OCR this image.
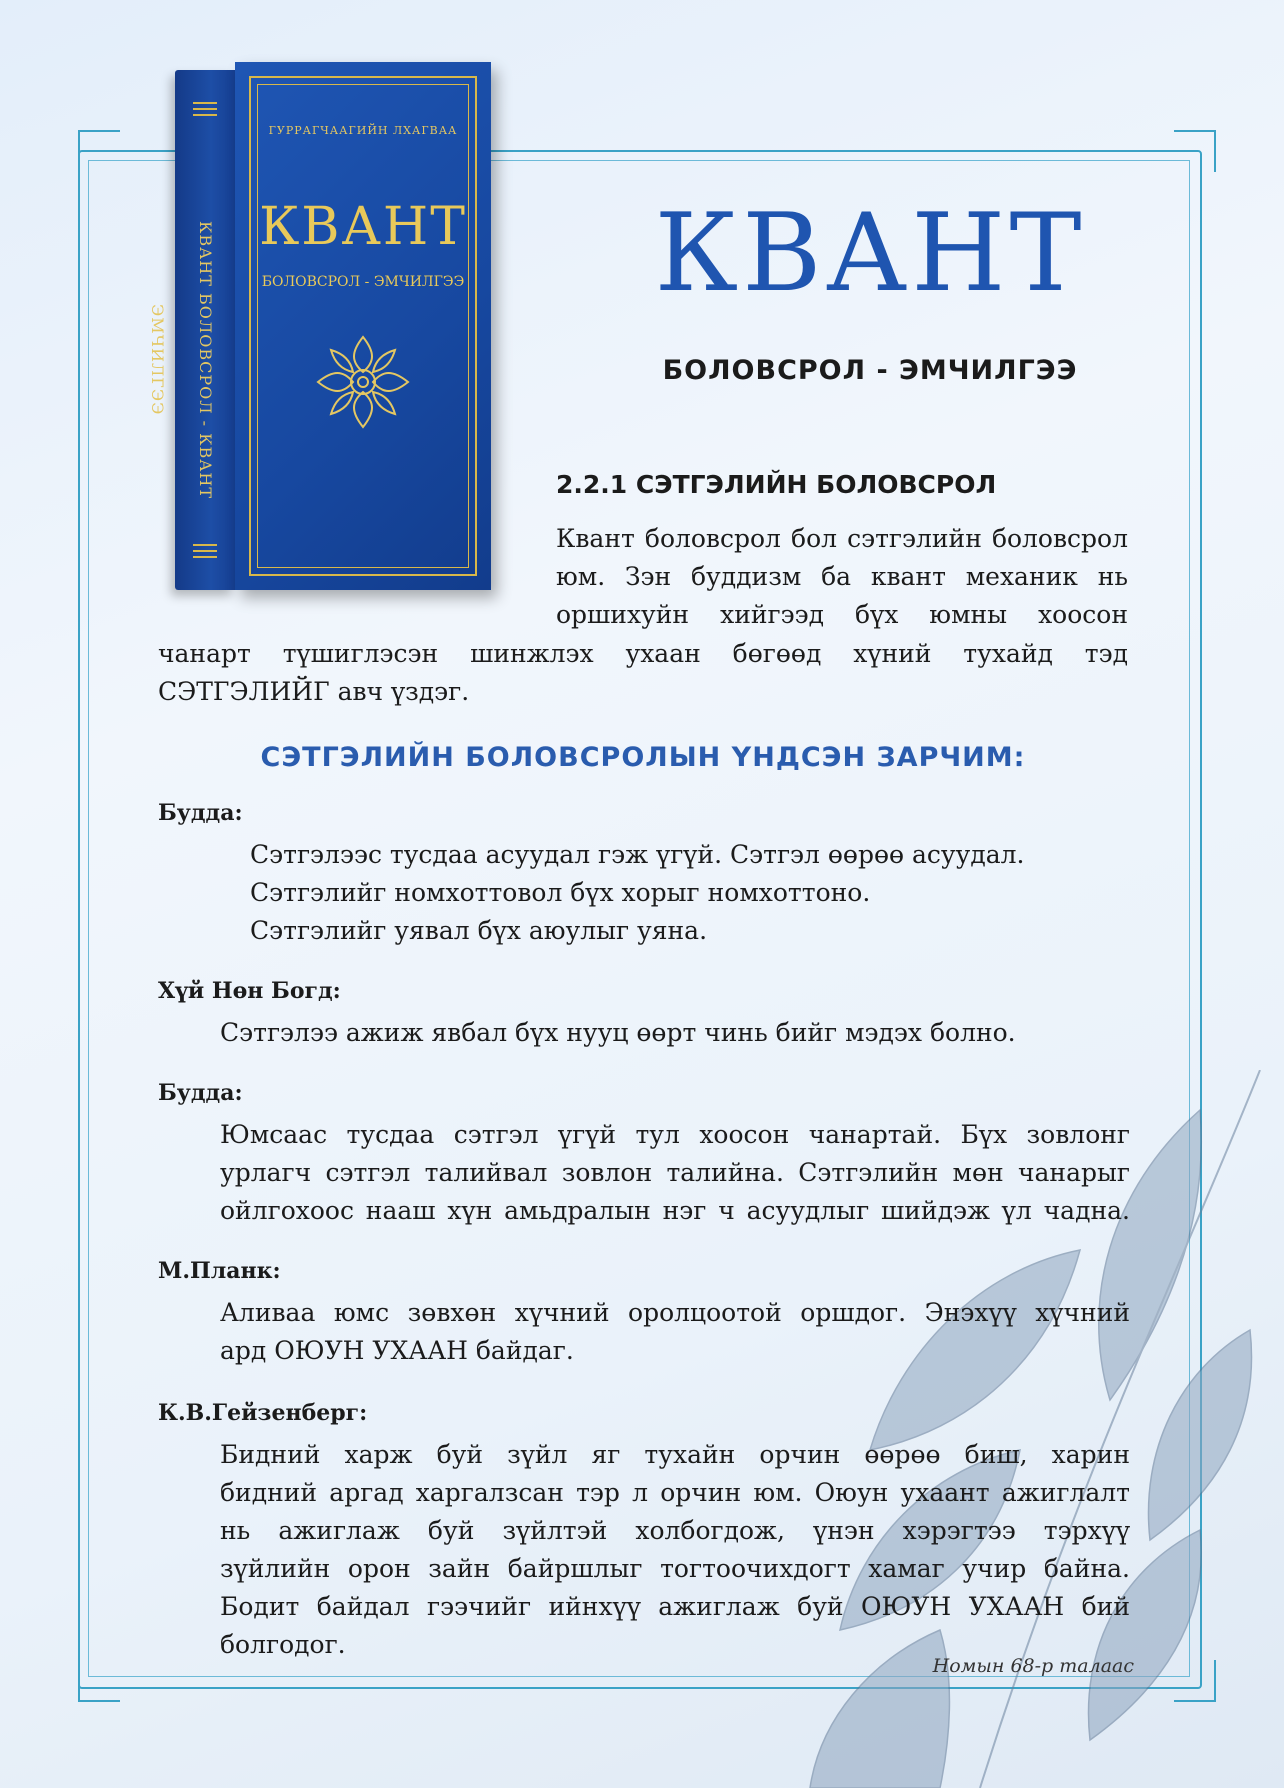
КВАНТ БОЛОВСРОЛ - КВАНТ ЭМЧИЛГЭЭ
ГУРРАГЧААГИЙН ЛХАГВАА
КВАНТ
БОЛОВСРОЛ - ЭМЧИЛГЭЭ КВАНТ
БОЛОВСРОЛ - ЭМЧИЛГЭЭ
2.2.1 СЭТГЭЛИЙН БОЛОВСРОЛ
Квант боловсрол бол сэтгэлийн боловсрол
юм. Зэн буддизм ба квант механик нь
оршихуйн хийгээд бүх юмны хоосон
чанарт түшиглэсэн шинжлэх ухаан бөгөөд хүний тухайд тэд
СЭТГЭЛИЙГ авч үздэг.
СЭТГЭЛИЙН БОЛОВСРОЛЫН ҮНДСЭН ЗАРЧИМ:
Будда:
Сэтгэлээс тусдаа асуудал гэж үгүй. Сэтгэл өөрөө асуудал.
Сэтгэлийг номхоттовол бүх хорыг номхоттоно.
Сэтгэлийг уявал бүх аюулыг уяна.
Хүй Нөн Богд:
Сэтгэлээ ажиж явбал бүх нууц өөрт чинь бийг мэдэх болно.
Будда:
Юмсаас тусдаа сэтгэл үгүй тул хоосон чанартай. Бүх зовлонг
урлагч сэтгэл талийвал зовлон талийна. Сэтгэлийн мөн чанарыг
ойлгохоос нааш хүн амьдралын нэг ч асуудлыг шийдэж үл чадна.
М.Планк:
Аливаа юмс зөвхөн хүчний оролцоотой оршдог. Энэхүү хүчний
ард ОЮУН УХААН байдаг.
К.В.Гейзенберг:
Бидний харж буй зүйл яг тухайн орчин өөрөө биш, харин
бидний аргад харгалзсан тэр л орчин юм. Оюун ухаант ажиглалт
нь ажиглаж буй зүйлтэй холбогдож, үнэн хэрэгтээ тэрхүү
зүйлийн орон зайн байршлыг тогтоочихдогт хамаг учир байна.
Бодит байдал гээчийг ийнхүү ажиглаж буй ОЮУН УХААН бий
болгодог.
Номын 68-р талаас
